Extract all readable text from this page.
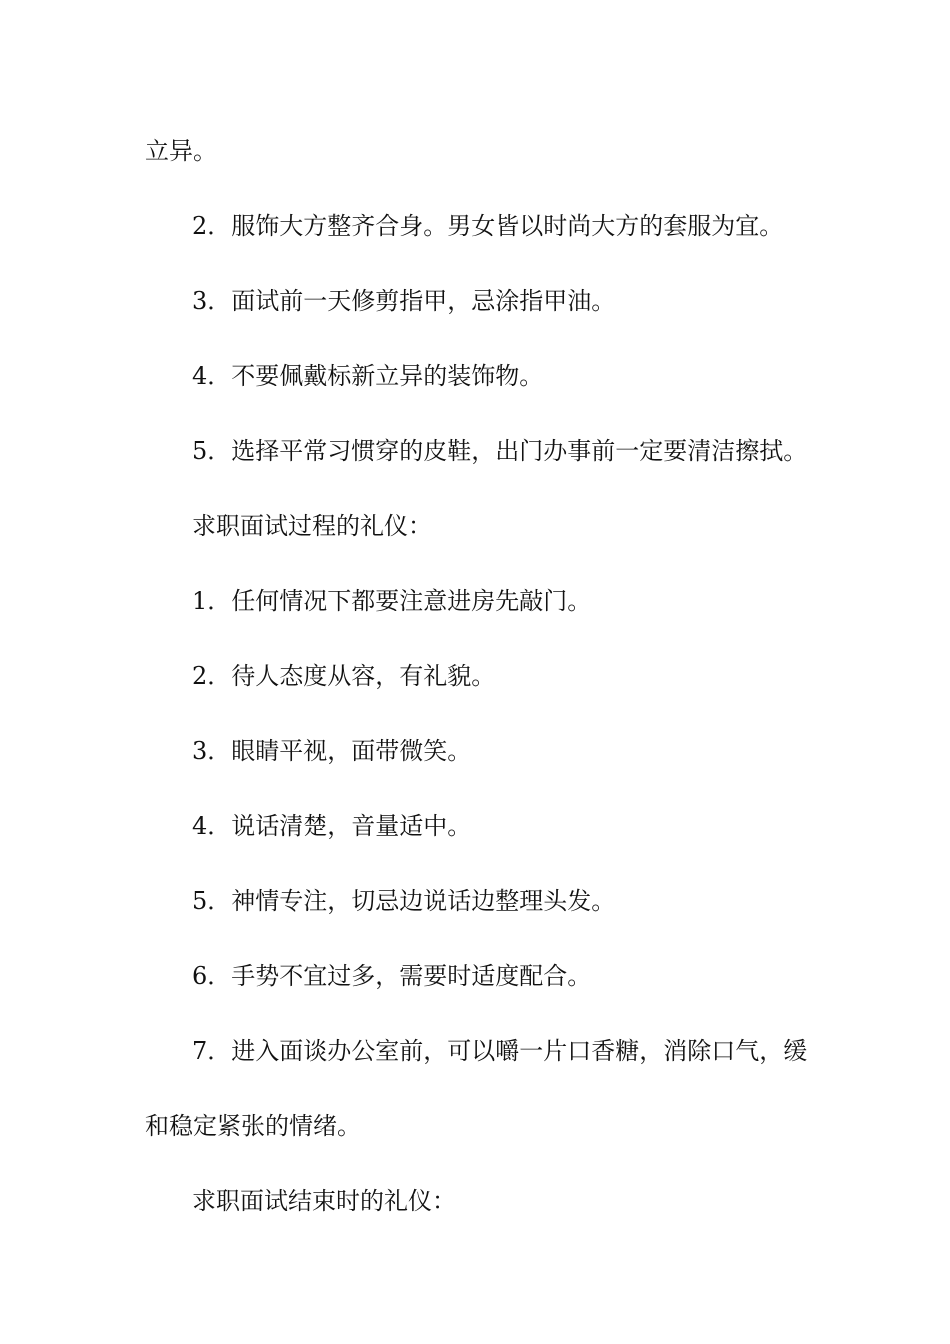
立异。
2．服饰大方整齐合身。男女皆以时尚大方的套服为宜。
3．面试前一天修剪指甲，忌涂指甲油。
4．不要佩戴标新立异的装饰物。
5．选择平常习惯穿的皮鞋，出门办事前一定要清洁擦拭。
求职面试过程的礼仪：
1．任何情况下都要注意进房先敲门。
2．待人态度从容，有礼貌。
3．眼睛平视，面带微笑。
4．说话清楚，音量适中。
5．神情专注，切忌边说话边整理头发。
6．手势不宜过多，需要时适度配合。
7．进入面谈办公室前，可以嚼一片口香糖，消除口气，缓
和稳定紧张的情绪。
求职面试结束时的礼仪：
